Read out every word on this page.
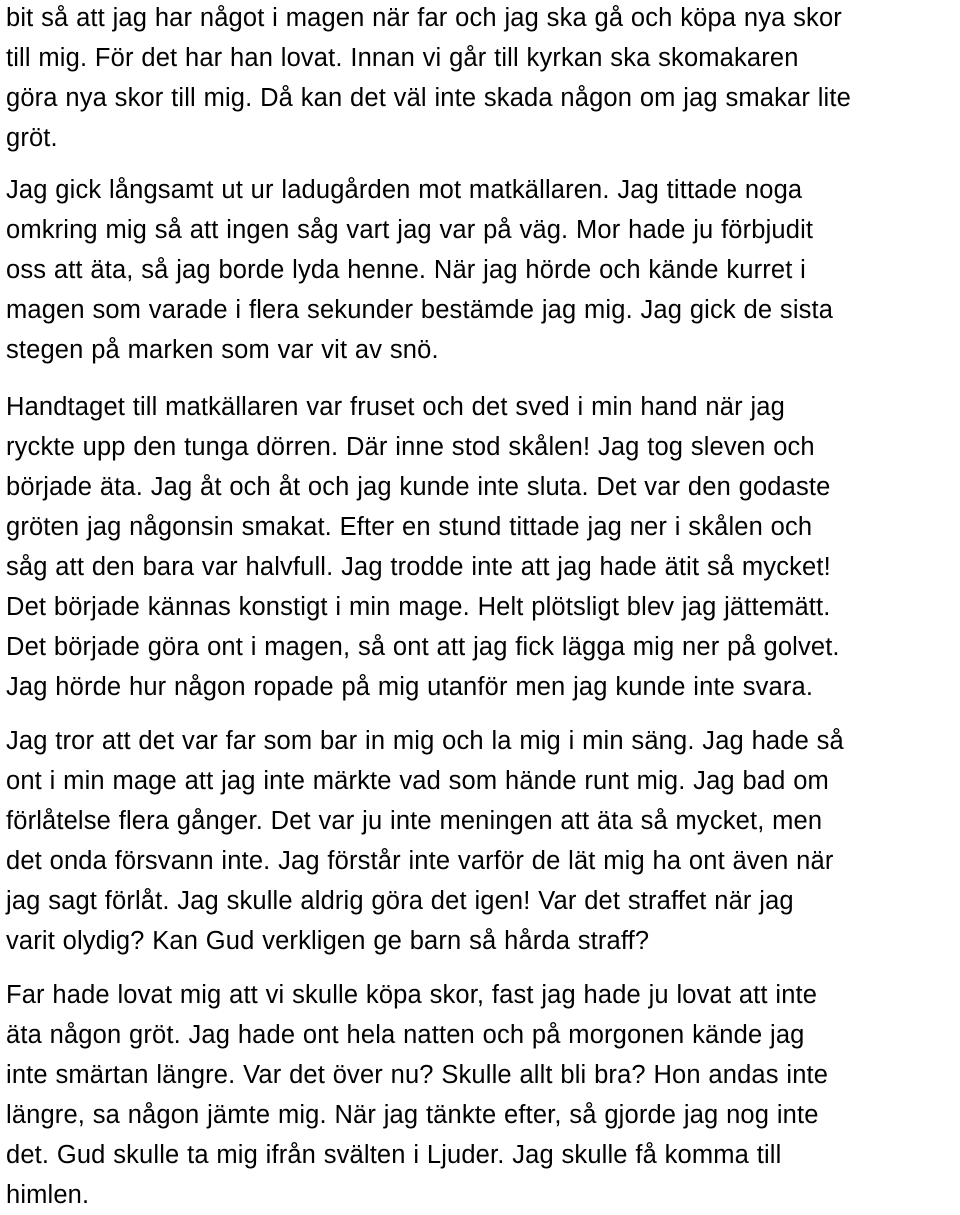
bit så att jag har något i magen när far och jag ska gå och köpa nya skor
till mig. För det har han lovat. Innan vi går till kyrkan ska skomakaren
göra nya skor till mig. Då kan det väl inte skada någon om jag smakar lite
gröt.
Jag gick långsamt ut ur ladugården mot matkällaren. Jag tittade noga
omkring mig så att ingen såg vart jag var på väg. Mor hade ju förbjudit
oss att äta, så jag borde lyda henne. När jag hörde och kände kurret i
magen som varade i flera sekunder bestämde jag mig. Jag gick de sista
stegen på marken som var vit av snö.
Handtaget till matkällaren var fruset och det sved i min hand när jag
ryckte upp den tunga dörren. Där inne stod skålen! Jag tog sleven och
började äta. Jag åt och åt och jag kunde inte sluta. Det var den godaste
gröten jag någonsin smakat. Efter en stund tittade jag ner i skålen och
såg att den bara var halvfull. Jag trodde inte att jag hade ätit så mycket!
Det började kännas konstigt i min mage. Helt plötsligt blev jag jättemätt.
Det började göra ont i magen, så ont att jag fick lägga mig ner på golvet.
Jag hörde hur någon ropade på mig utanför men jag kunde inte svara.
Jag tror att det var far som bar in mig och la mig i min säng. Jag hade så
ont i min mage att jag inte märkte vad som hände runt mig. Jag bad om
förlåtelse flera gånger. Det var ju inte meningen att äta så mycket, men
det onda försvann inte. Jag förstår inte varför de lät mig ha ont även när
jag sagt förlåt. Jag skulle aldrig göra det igen! Var det straffet när jag
varit olydig? Kan Gud verkligen ge barn så hårda straff?
Far hade lovat mig att vi skulle köpa skor, fast jag hade ju lovat att inte
äta någon gröt. Jag hade ont hela natten och på morgonen kände jag
inte smärtan längre. Var det över nu? Skulle allt bli bra? Hon andas inte
längre, sa någon jämte mig. När jag tänkte efter, så gjorde jag nog inte
det. Gud skulle ta mig ifrån svälten i Ljuder. Jag skulle få komma till
himlen.
